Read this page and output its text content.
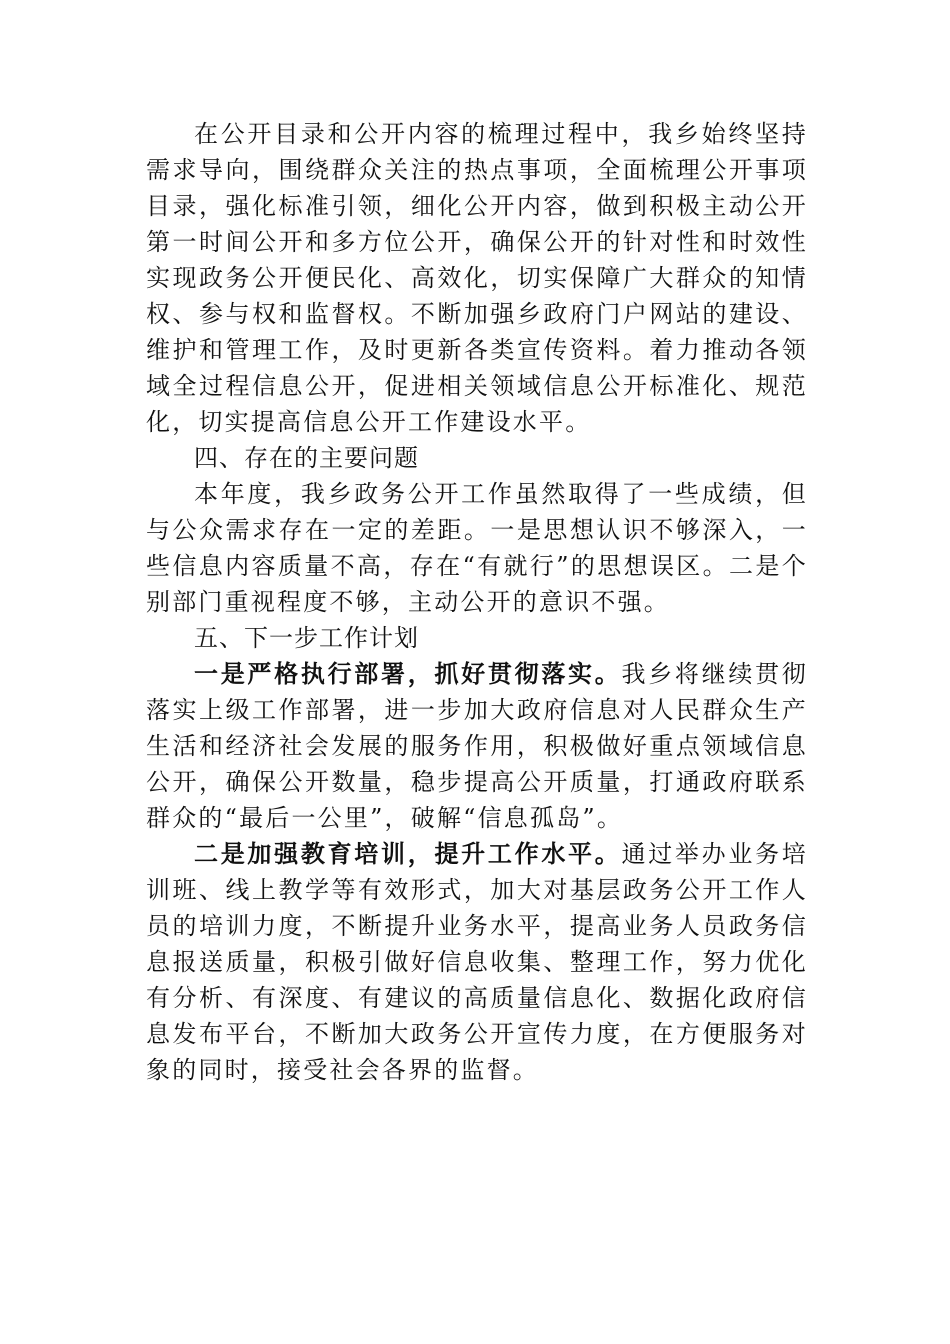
在公开目录和公开内容的梳理过程中，我乡始终坚持需求导向，围绕群众关注的热点事项，全面梳理公开事项目录，强化标准引领，细化公开内容，做到积极主动公开第一时间公开和多方位公开，确保公开的针对性和时效性实现政务公开便民化、高效化，切实保障广大群众的知情权、参与权和监督权。不断加强乡政府门户网站的建设、维护和管理工作，及时更新各类宣传资料。着力推动各领域全过程信息公开，促进相关领域信息公开标准化、规范化，切实提高信息公开工作建设水平。

四、存在的主要问题

本年度，我乡政务公开工作虽然取得了一些成绩，但与公众需求存在一定的差距。一是思想认识不够深入，一些信息内容质量不高，存在“有就行”的思想误区。二是个别部门重视程度不够，主动公开的意识不强。

五、下一步工作计划

一是严格执行部署，抓好贯彻落实。我乡将继续贯彻落实上级工作部署，进一步加大政府信息对人民群众生产生活和经济社会发展的服务作用，积极做好重点领域信息公开，确保公开数量，稳步提高公开质量，打通政府联系群众的“最后一公里”，破解“信息孤岛”。

二是加强教育培训，提升工作水平。通过举办业务培训班、线上教学等有效形式，加大对基层政务公开工作人员的培训力度，不断提升业务水平，提高业务人员政务信息报送质量，积极引做好信息收集、整理工作，努力优化有分析、有深度、有建议的高质量信息化、数据化政府信息发布平台，不断加大政务公开宣传力度，在方便服务对象的同时，接受社会各界的监督。
